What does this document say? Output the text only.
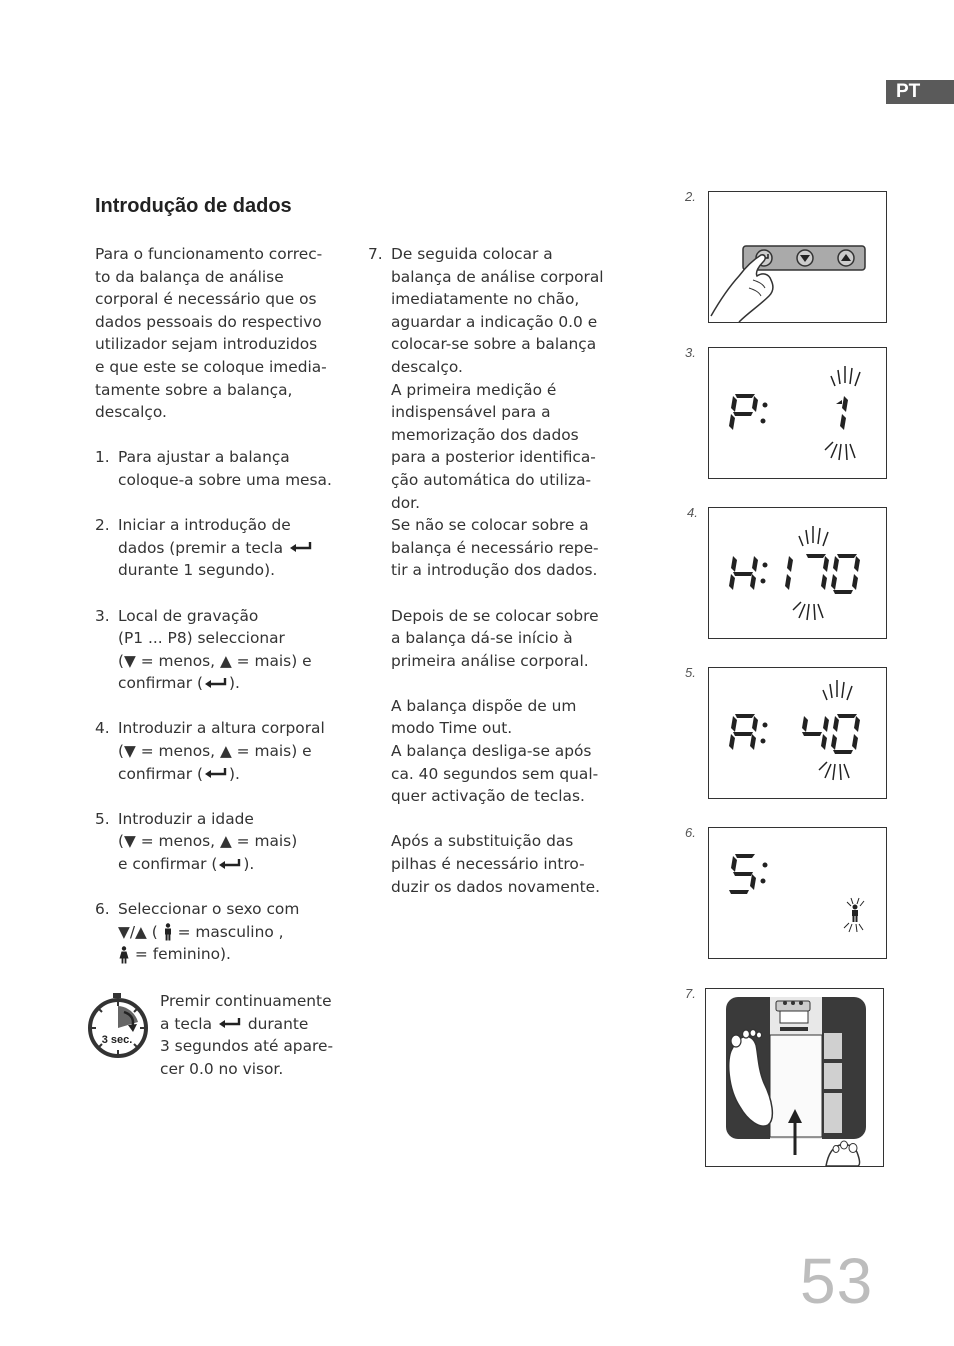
PT
Introdução de dados

Para o funcionamento correc-

to da balança de análise

corporal é necessário que os

dados pessoais do respectivo

utilizador sejam introduzidos

e que este se coloque imedia-

tamente sobre a balança,

descalço.

1. Para ajustar a balança

coloque-a sobre uma mesa.

2. Iniciar a introdução de

dados (premir a tecla

durante 1 segundo).

3. Local de gravação

(P1 ... P8) seleccionar

(▼ = menos, ▲ = mais) e

confirmar ( ).

4. Introduzir a altura corporal

(▼ = menos, ▲ = mais) e

confirmar ( ).

5. Introduzir a idade

(▼ = menos, ▲ = mais)

e confirmar ( ).

6. Seleccionar o sexo com

▼/▲ ( = masculino ,

= feminino).

3 sec.

Premir continuamente

a tecla durante

3 segundos até apare-

cer 0.0 no visor.

7. De seguida colocar a

balança de análise corporal

imediatamente no chão,

aguardar a indicação 0.0 e

colocar-se sobre a balança

descalço.

A primeira medição é

indispensável para a

memorização dos dados

para a posterior identifica-

ção automática do utiliza-

dor.

Se não se colocar sobre a

balança é necessário repe-

tir a introdução dos dados.

Depois de se colocar sobre

a balança dá-se início à

primeira análise corporal.

A balança dispõe de um

modo Time out.

A balança desliga-se após

ca. 40 segundos sem qual-

quer activação de teclas.

Após a substituição das

pilhas é necessário intro-

duzir os dados novamente.

2.
3.
4.
5.
6.
7.
53
